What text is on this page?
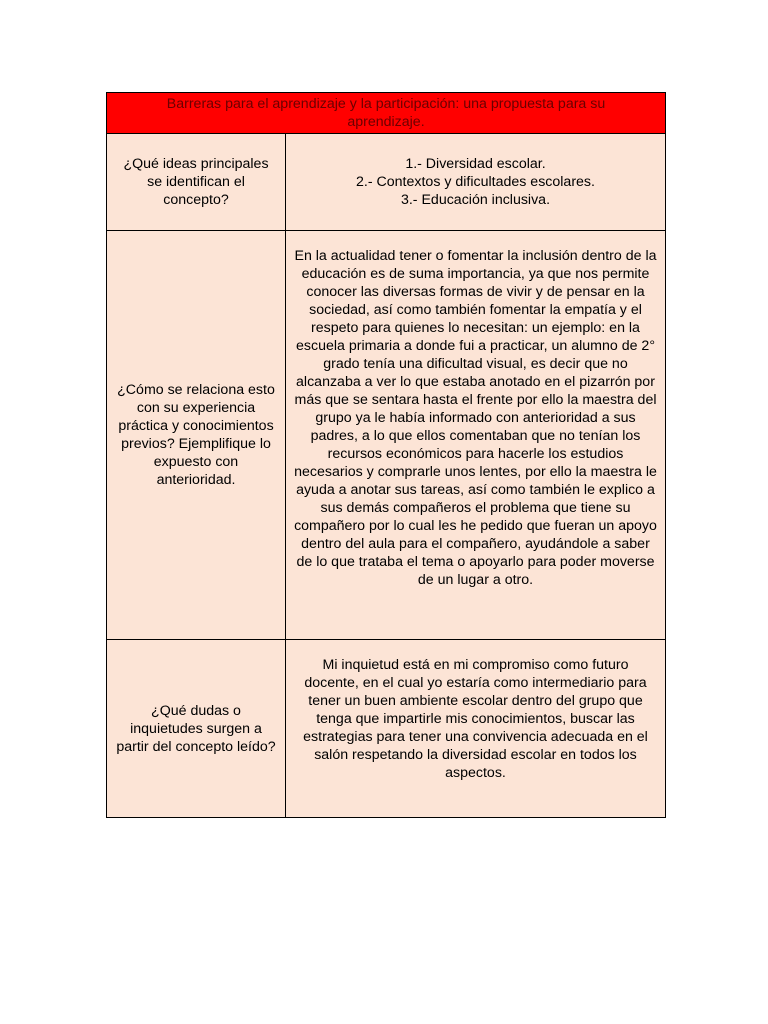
Barreras para el aprendizaje y la participación: una propuesta para su aprendizaje.	
¿Qué ideas principales se identifican el concepto?	1.- Diversidad escolar.
2.- Contextos y dificultades escolares.
3.- Educación inclusiva.

¿Cómo se relaciona esto con su experiencia práctica y conocimientos previos? Ejemplifique lo expuesto con anterioridad.	En la actualidad tener o fomentar la inclusión dentro de la educación es de suma importancia, ya que nos permite conocer las diversas formas de vivir y de pensar en la sociedad, así como también fomentar la empatía y el respeto para quienes lo necesitan: un ejemplo: en la escuela primaria a donde fui a practicar, un alumno de 2° grado tenía una dificultad visual, es decir que no alcanzaba a ver lo que estaba anotado en el pizarrón por más que se sentara hasta el frente por ello la maestra del grupo ya le había informado con anterioridad a sus padres, a lo que ellos comentaban que no tenían los recursos económicos para hacerle los estudios necesarios y comprarle unos lentes, por ello la maestra le ayuda a anotar sus tareas, así como también le explico a sus demás compañeros el problema que tiene su compañero por lo cual les he pedido que fueran un apoyo dentro del aula para el compañero, ayudándole a saber de lo que trataba el tema o apoyarlo para poder moverse de un lugar a otro.
¿Qué dudas o inquietudes surgen a partir del concepto leído?	Mi inquietud está en mi compromiso como futuro docente, en el cual yo estaría como intermediario para tener un buen ambiente escolar dentro del grupo que tenga que impartirle mis conocimientos, buscar las estrategias para tener una convivencia adecuada en el salón respetando la diversidad escolar en todos los aspectos.
